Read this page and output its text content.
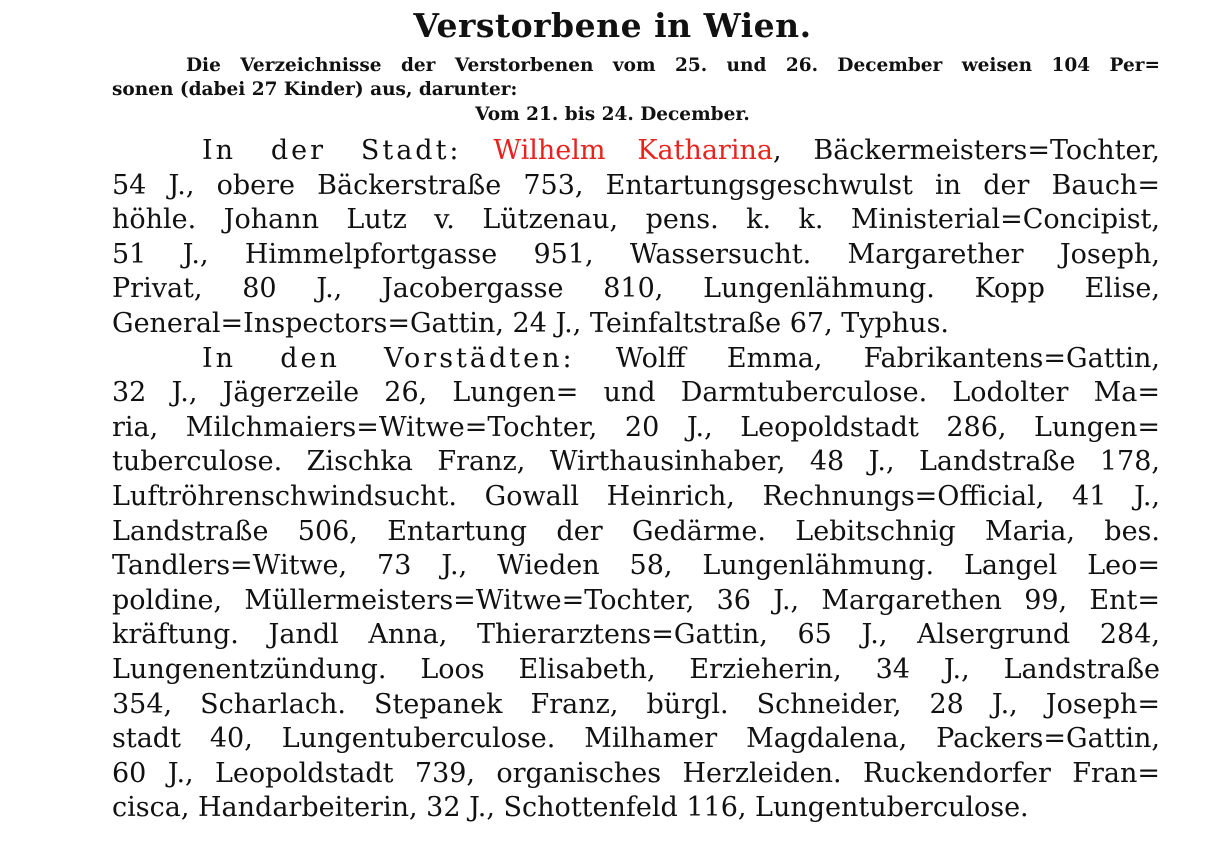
Verstorbene in Wien.
Die Verzeichnisse der Verstorbenen vom 25. und 26. December weisen 104 Per=
sonen (dabei 27 Kinder) aus, darunter:
Vom 21. bis 24. December.
In der Stadt: Wilhelm Katharina, Bäckermeisters=Tochter,
54 J., obere Bäckerstraße 753, Entartungsgeschwulst in der Bauch=
höhle. Johann Lutz v. Lützenau, pens. k. k. Ministerial=Concipist,
51 J., Himmelpfortgasse 951, Wassersucht. Margarether Joseph,
Privat, 80 J., Jacobergasse 810, Lungenlähmung. Kopp Elise,
General=Inspectors=Gattin, 24 J., Teinfaltstraße 67, Typhus.
In den Vorstädten: Wolff Emma, Fabrikantens=Gattin,
32 J., Jägerzeile 26, Lungen= und Darmtuberculose. Lodolter Ma=
ria, Milchmaiers=Witwe=Tochter, 20 J., Leopoldstadt 286, Lungen=
tuberculose. Zischka Franz, Wirthausinhaber, 48 J., Landstraße 178,
Luftröhrenschwindsucht. Gowall Heinrich, Rechnungs=Official, 41 J.,
Landstraße 506, Entartung der Gedärme. Lebitschnig Maria, bes.
Tandlers=Witwe, 73 J., Wieden 58, Lungenlähmung. Langel Leo=
poldine, Müllermeisters=Witwe=Tochter, 36 J., Margarethen 99, Ent=
kräftung. Jandl Anna, Thierarztens=Gattin, 65 J., Alsergrund 284,
Lungenentzündung. Loos Elisabeth, Erzieherin, 34 J., Landstraße
354, Scharlach. Stepanek Franz, bürgl. Schneider, 28 J., Joseph=
stadt 40, Lungentuberculose. Milhamer Magdalena, Packers=Gattin,
60 J., Leopoldstadt 739, organisches Herzleiden. Ruckendorfer Fran=
cisca, Handarbeiterin, 32 J., Schottenfeld 116, Lungentuberculose.
